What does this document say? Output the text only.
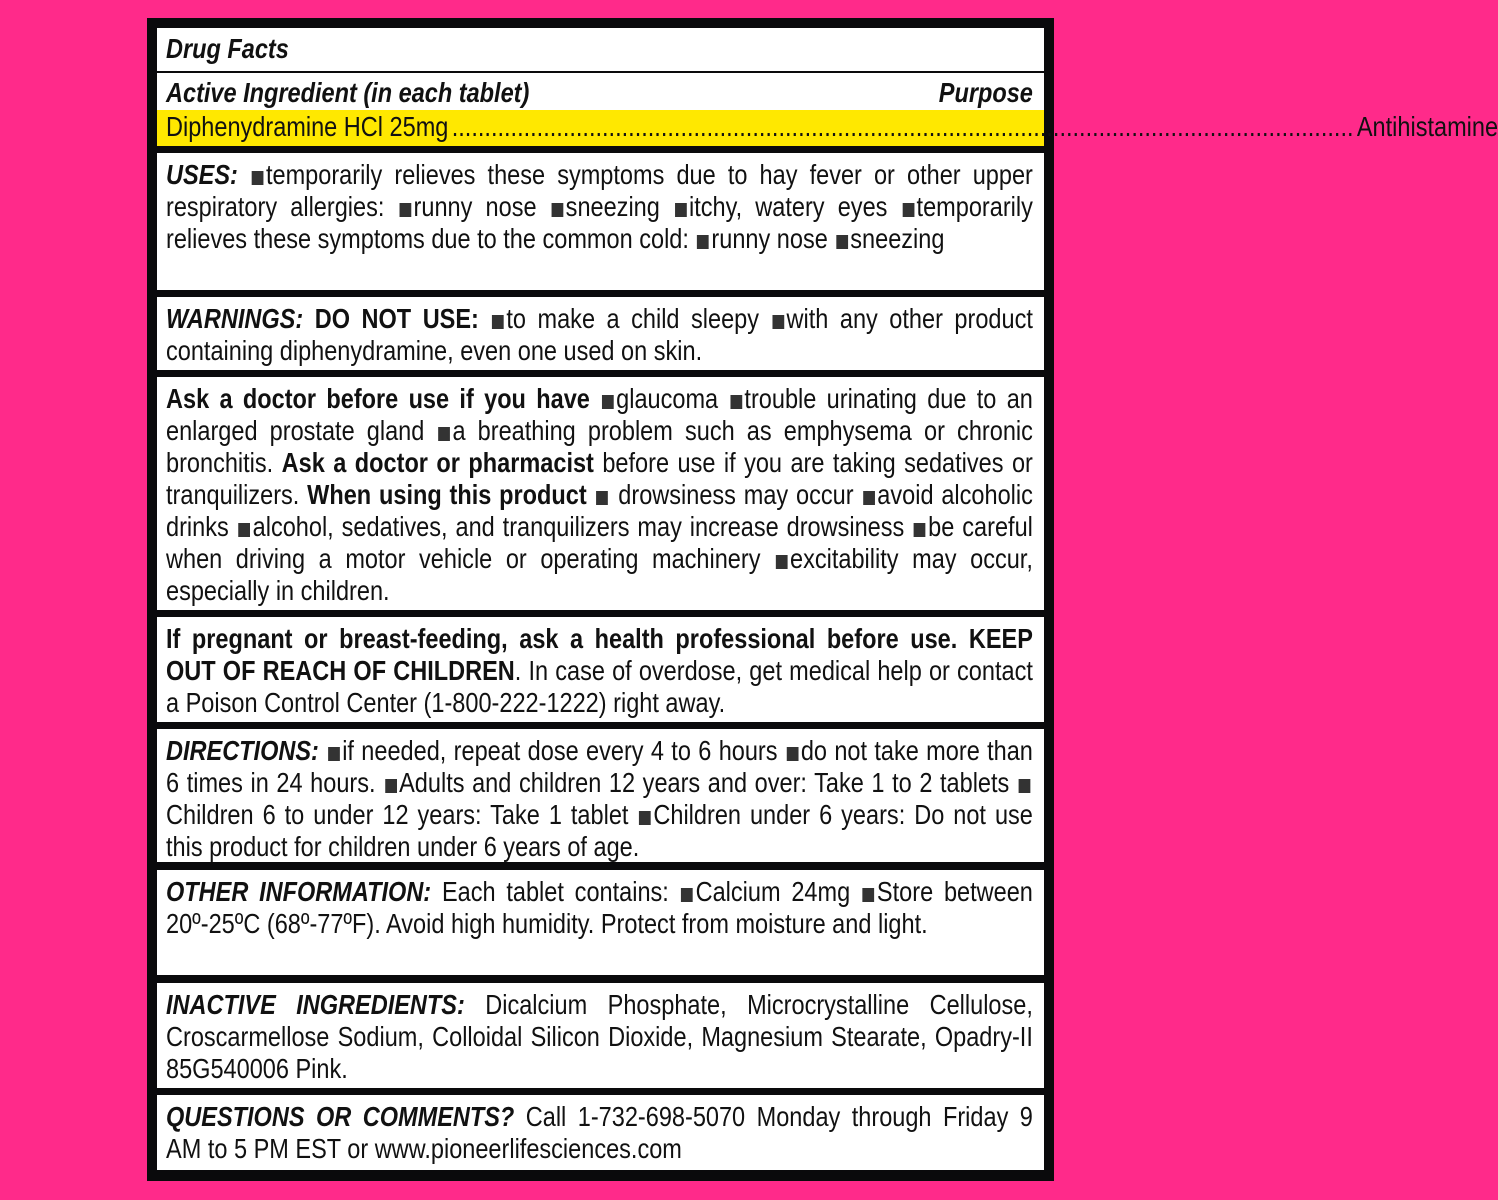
Drug Facts
Active Ingredient (in each tablet)	Purpose
Diphenydramine HCl 25mg .......................................................................................................................................... Antihistamine
USES: temporarily relieves these symptoms due to hay fever or other upper respiratory allergies: runny nose sneezing itchy, watery eyes temporarily relieves these symptoms due to the common cold: runny nose sneezing
WARNINGS: DO NOT USE: to make a child sleepy with any other product containing diphenydramine, even one used on skin.
Ask a doctor before use if you have glaucoma trouble urinating due to an enlarged prostate gland a breathing problem such as emphysema or chronic bronchitis. Ask a doctor or pharmacist before use if you are taking sedatives or tranquilizers. When using this product  drowsiness may occur avoid alcoholic drinks alcohol, sedatives, and tranquilizers may increase drowsiness be careful when driving a motor vehicle or operating machinery excitability may occur, especially in children.
If pregnant or breast-feeding, ask a health professional before use. KEEP OUT OF REACH OF CHILDREN. In case of overdose, get medical help or contact a Poison Control Center (1-800-222-1222) right away.
DIRECTIONS: if needed, repeat dose every 4 to 6 hours do not take more than 6 times in 24 hours. Adults and children 12 years and over: Take 1 to 2 tablets Children 6 to under 12 years: Take 1 tablet Children under 6 years: Do not use this product for children under 6 years of age.
OTHER INFORMATION: Each tablet contains: Calcium 24mg Store between 20º-25ºC (68º-77ºF). Avoid high humidity. Protect from moisture and light.
INACTIVE INGREDIENTS: Dicalcium Phosphate, Microcrystalline Cellulose, Croscarmellose Sodium, Colloidal Silicon Dioxide, Magnesium Stearate, Opadry-II 85G540006 Pink.
QUESTIONS OR COMMENTS? Call 1-732-698-5070 Monday through Friday 9 AM to 5 PM EST or www.pioneerlifesciences.com
